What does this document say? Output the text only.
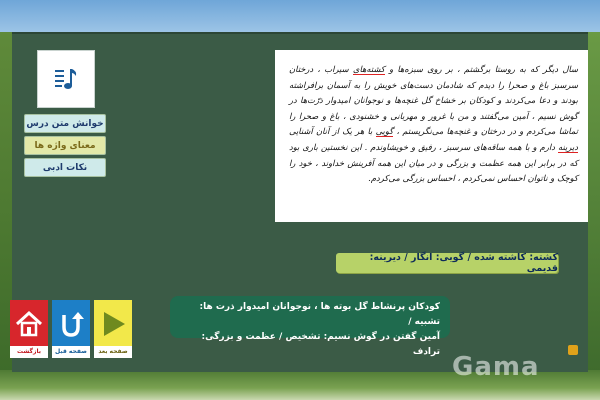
خوانش متن درس
معنای واژه ها
نکات ادبی

سال دیگر که به روستا برگشتم ، بر روی سبزه‌ها و کشته‌های سیراب ، درختان سرسبز باغ و صحرا را دیدم که شادمان دست‌های خویش را به آسمان برافراشته بودند و دعا می‌کردند و کودکان بر خشاخ گل غنچه‌ها و نوجوانان امیدوار ذرّت‌ها در گوش نسیم ، آمین می‌گفتند و من با غرور و مهربانی و خشنودی ، باغ و صحرا را تماشا می‌کردم و در درختان و غنچه‌ها می‌نگریستم ، گویی با هر یک از آنان آشنایی دیرینه دارم و با همه ساقه‌های سرسبز ، رفیق و خویشاوندم . این نخستین باری بود که در برابر این همه عظمت و بزرگی و در میان این همه آفرینش خداوند ، خود را کوچک و ناتوان احساس نمی‌کردم ، احساس بزرگی می‌کردم.

کشته: کاشته شده / گویی: انگار / دیرینه: قدیمی
کودکان پرنشاط گل بوته ها ، نوجوانان امیدوار ذرت ها: تشبیه /
آمین گفتن در گوش نسیم: تشخیص / عظمت و بزرگی: ترادف
بازگشت	صفحه قبل	صفحه بعد
Gama
